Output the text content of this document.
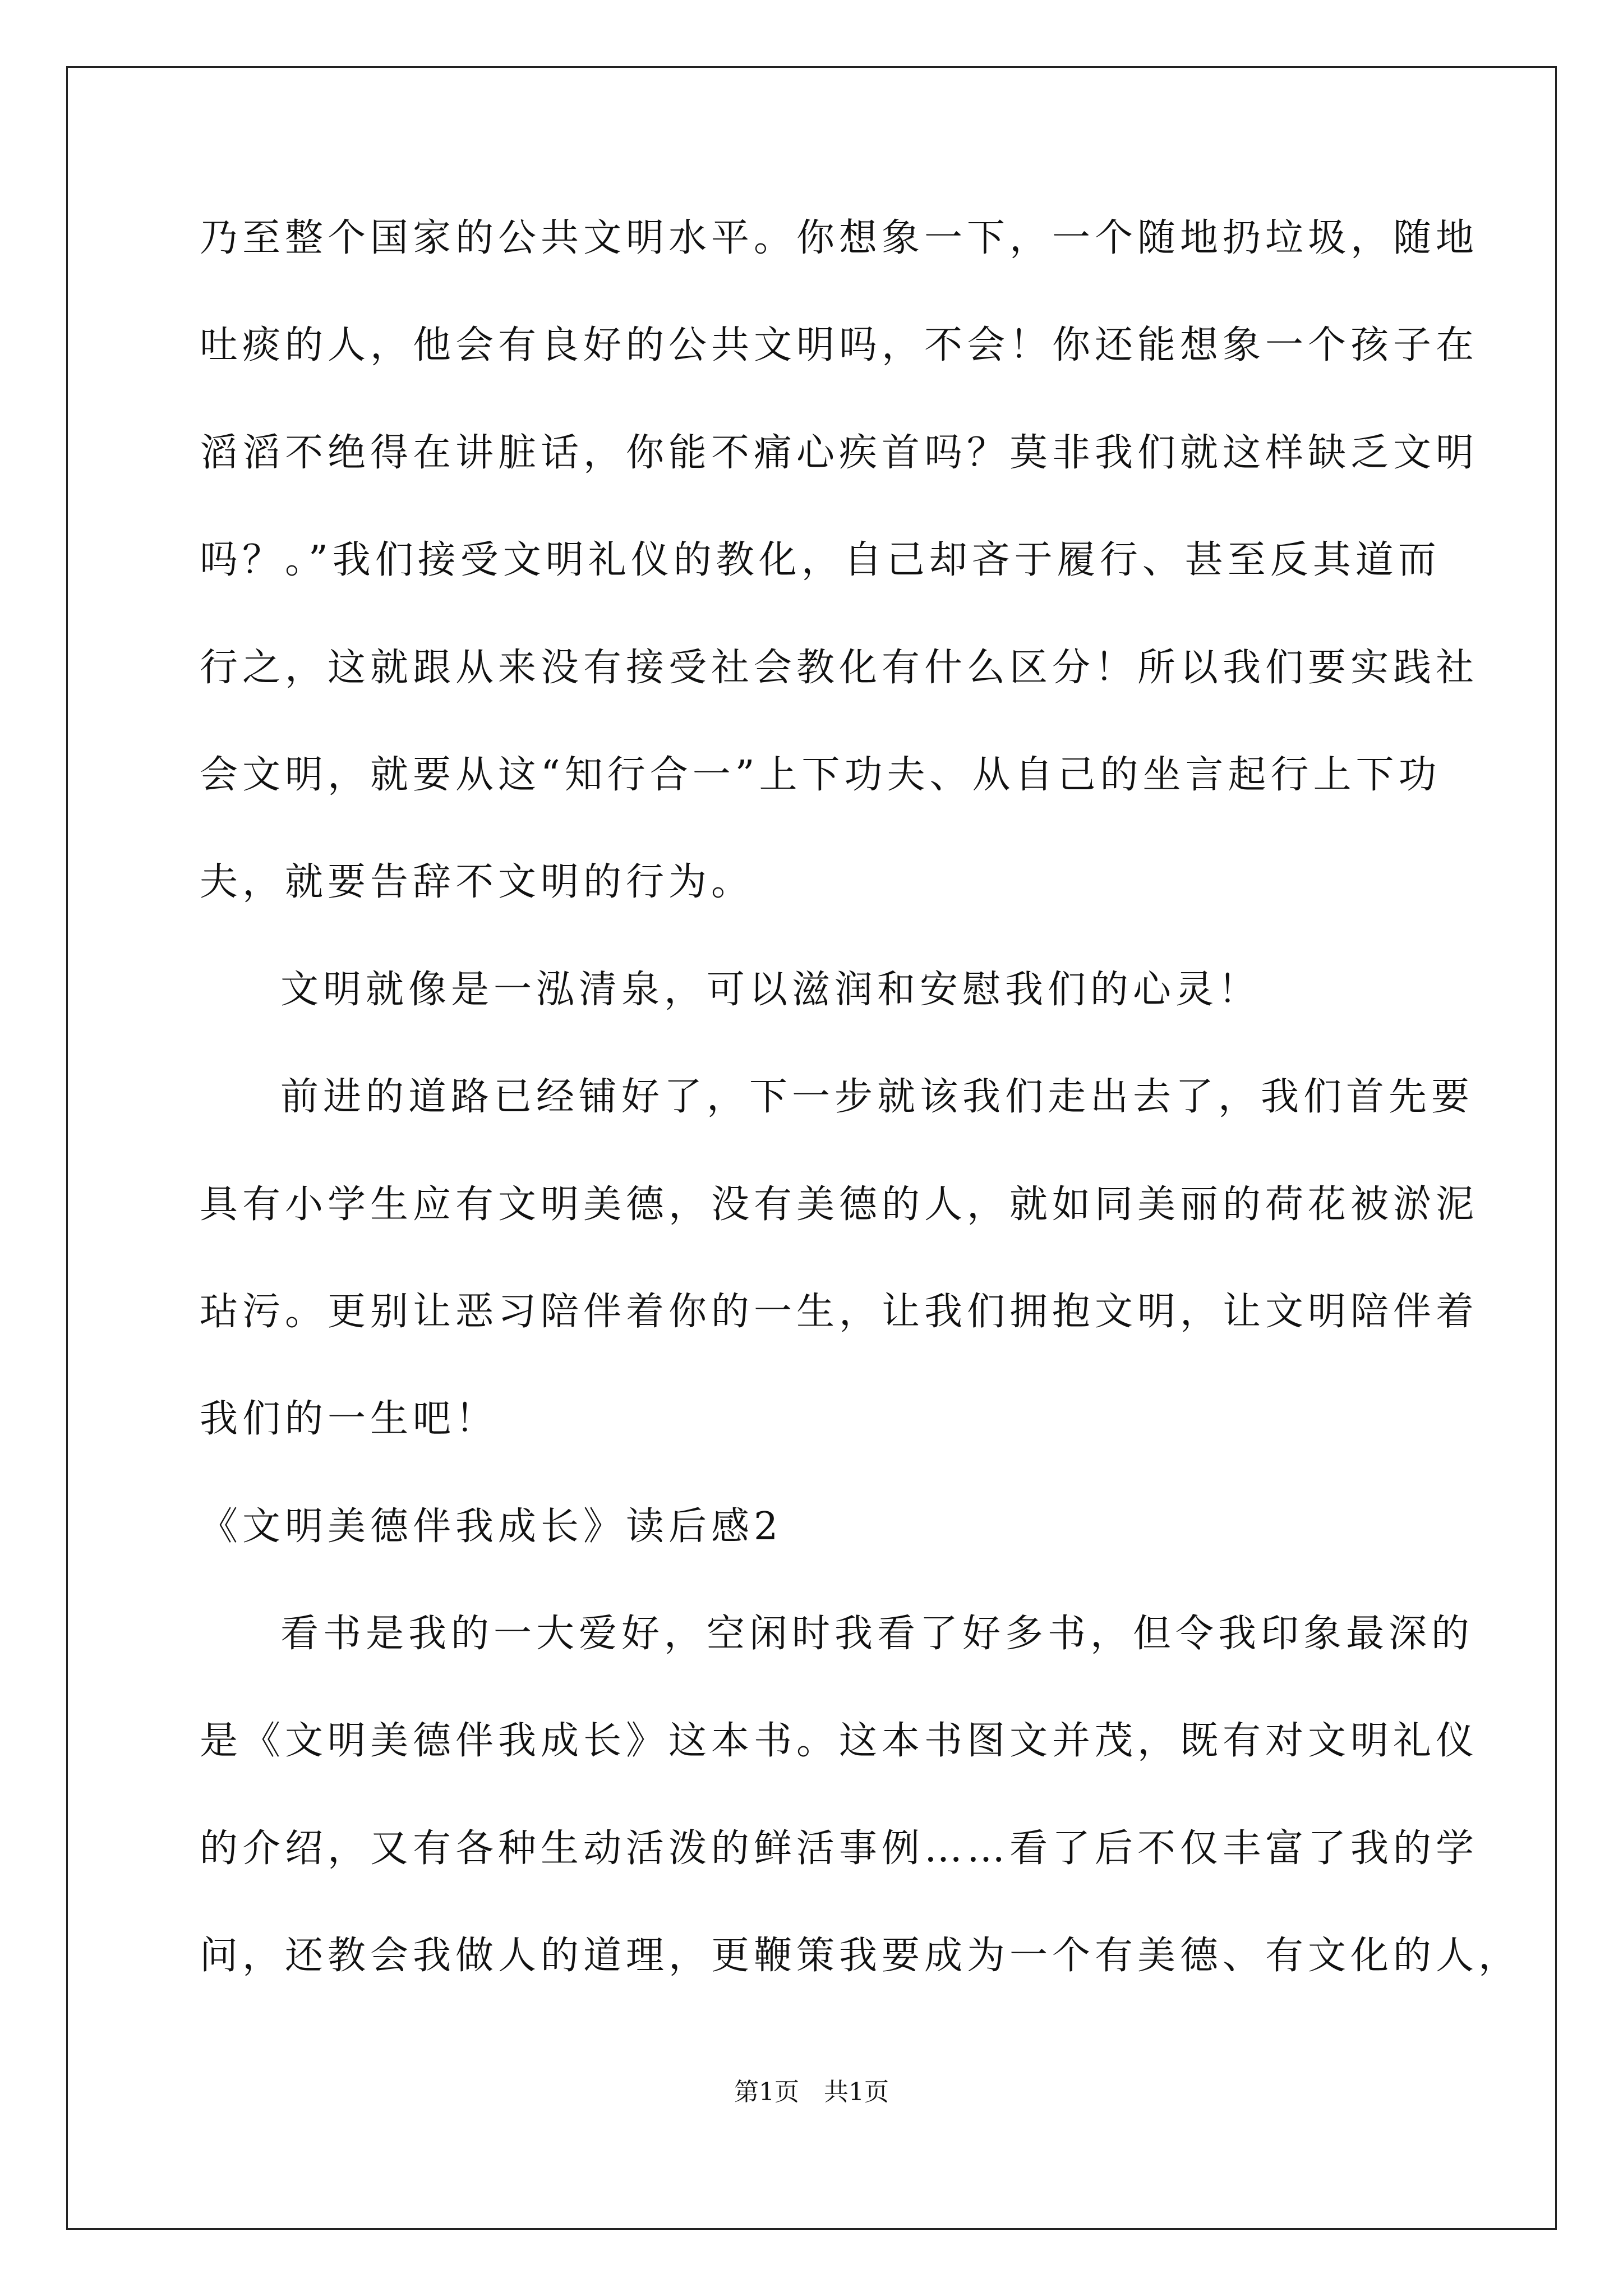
乃至整个国家的公共文明水平。你想象一下，一个随地扔垃圾，随地
吐痰的人，他会有良好的公共文明吗，不会！你还能想象一个孩子在
滔滔不绝得在讲脏话，你能不痛心疾首吗？莫非我们就这样缺乏文明
吗？。”我们接受文明礼仪的教化，自己却吝于履行、甚至反其道而
行之，这就跟从来没有接受社会教化有什么区分！所以我们要实践社
会文明，就要从这“知行合一”上下功夫、从自己的坐言起行上下功
夫，就要告辞不文明的行为。
文明就像是一泓清泉，可以滋润和安慰我们的心灵！
前进的道路已经铺好了，下一步就该我们走出去了，我们首先要
具有小学生应有文明美德，没有美德的人，就如同美丽的荷花被淤泥
玷污。更别让恶习陪伴着你的一生，让我们拥抱文明，让文明陪伴着
我们的一生吧！
《文明美德伴我成长》读后感2
看书是我的一大爱好，空闲时我看了好多书，但令我印象最深的
是《文明美德伴我成长》这本书。这本书图文并茂，既有对文明礼仪
的介绍，又有各种生动活泼的鲜活事例……看了后不仅丰富了我的学
问，还教会我做人的道理，更鞭策我要成为一个有美德、有文化的人，
第1页　共1页
